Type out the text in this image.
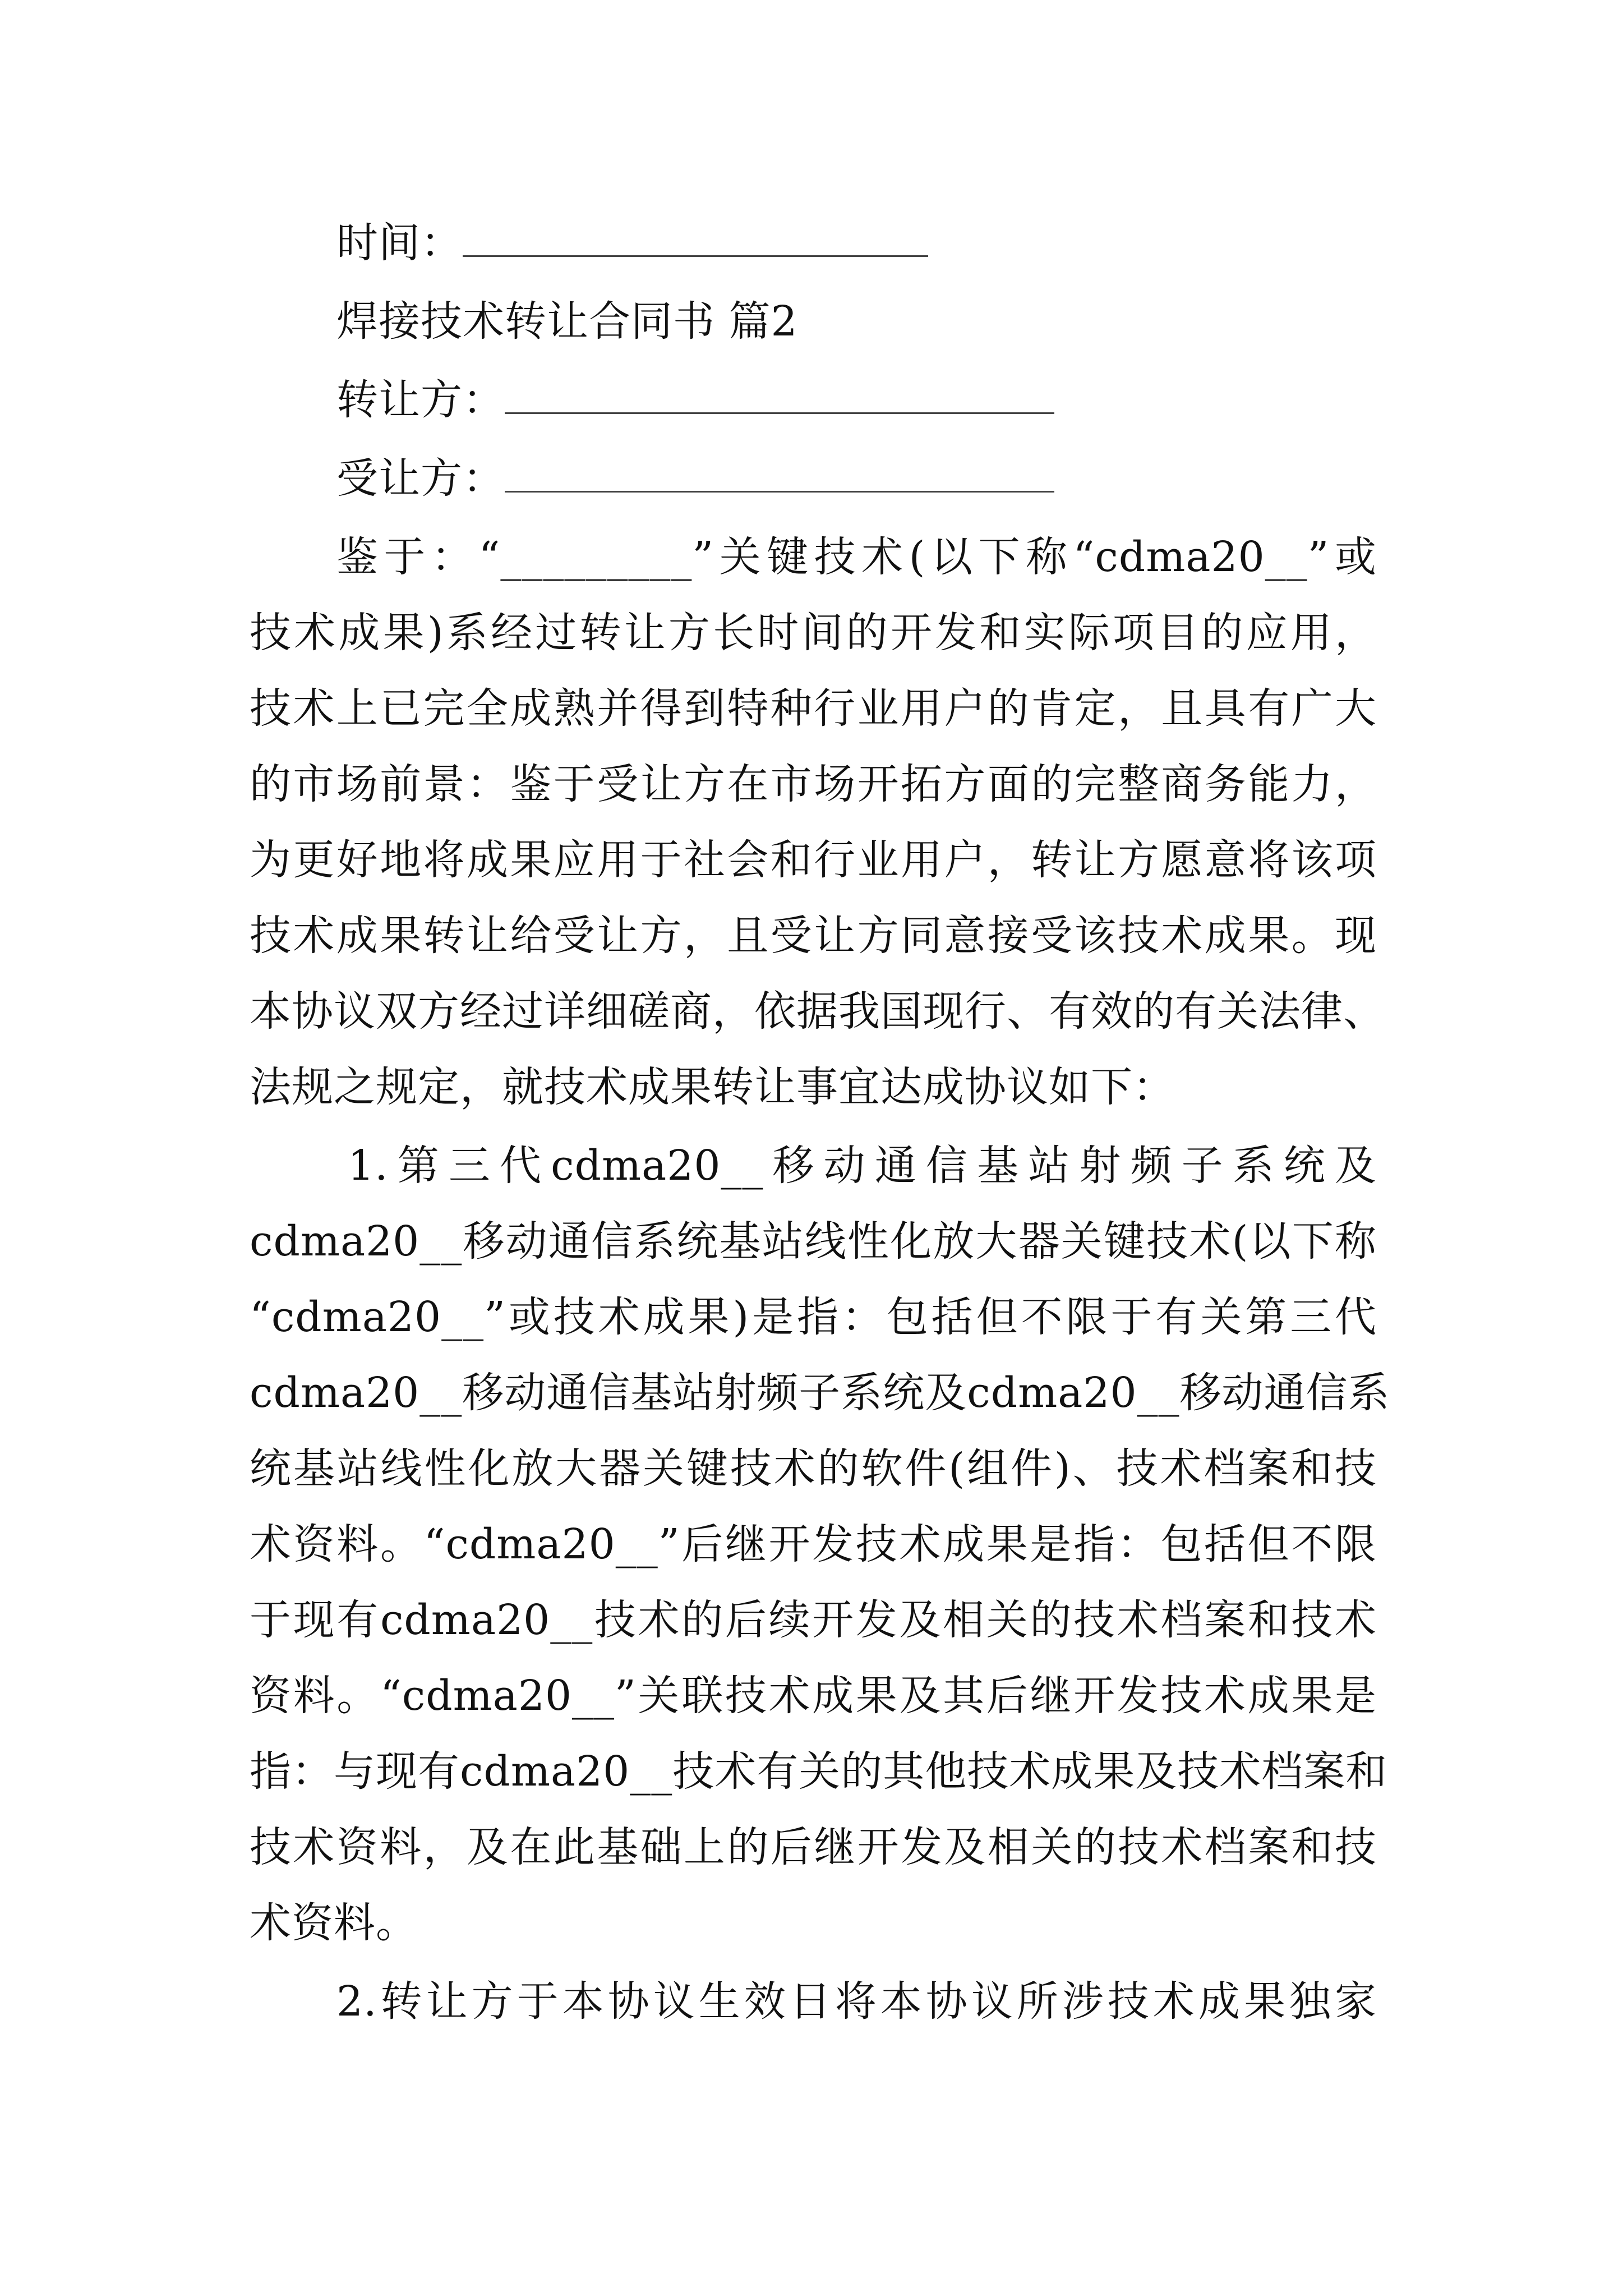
时间：
焊接技术转让合同书 篇2
转让方：
受让方：
鉴于：“_________”关键技术(以下称“cdma20__”或
技术成果)系经过转让方长时间的开发和实际项目的应用，
技术上已完全成熟并得到特种行业用户的肯定，且具有广大
的市场前景：鉴于受让方在市场开拓方面的完整商务能力，
为更好地将成果应用于社会和行业用户，转让方愿意将该项
技术成果转让给受让方，且受让方同意接受该技术成果。现
本协议双方经过详细磋商，依据我国现行、有效的有关法律、
法规之规定，就技术成果转让事宜达成协议如下：
1.第三代cdma20__移动通信基站射频子系统及
cdma20__移动通信系统基站线性化放大器关键技术(以下称
“cdma20__”或技术成果)是指：包括但不限于有关第三代
cdma20__移动通信基站射频子系统及cdma20__移动通信系
统基站线性化放大器关键技术的软件(组件)、技术档案和技
术资料。“cdma20__”后继开发技术成果是指：包括但不限
于现有cdma20__技术的后续开发及相关的技术档案和技术
资料。“cdma20__”关联技术成果及其后继开发技术成果是
指：与现有cdma20__技术有关的其他技术成果及技术档案和
技术资料，及在此基础上的后继开发及相关的技术档案和技
术资料。
2.转让方于本协议生效日将本协议所涉技术成果独家
